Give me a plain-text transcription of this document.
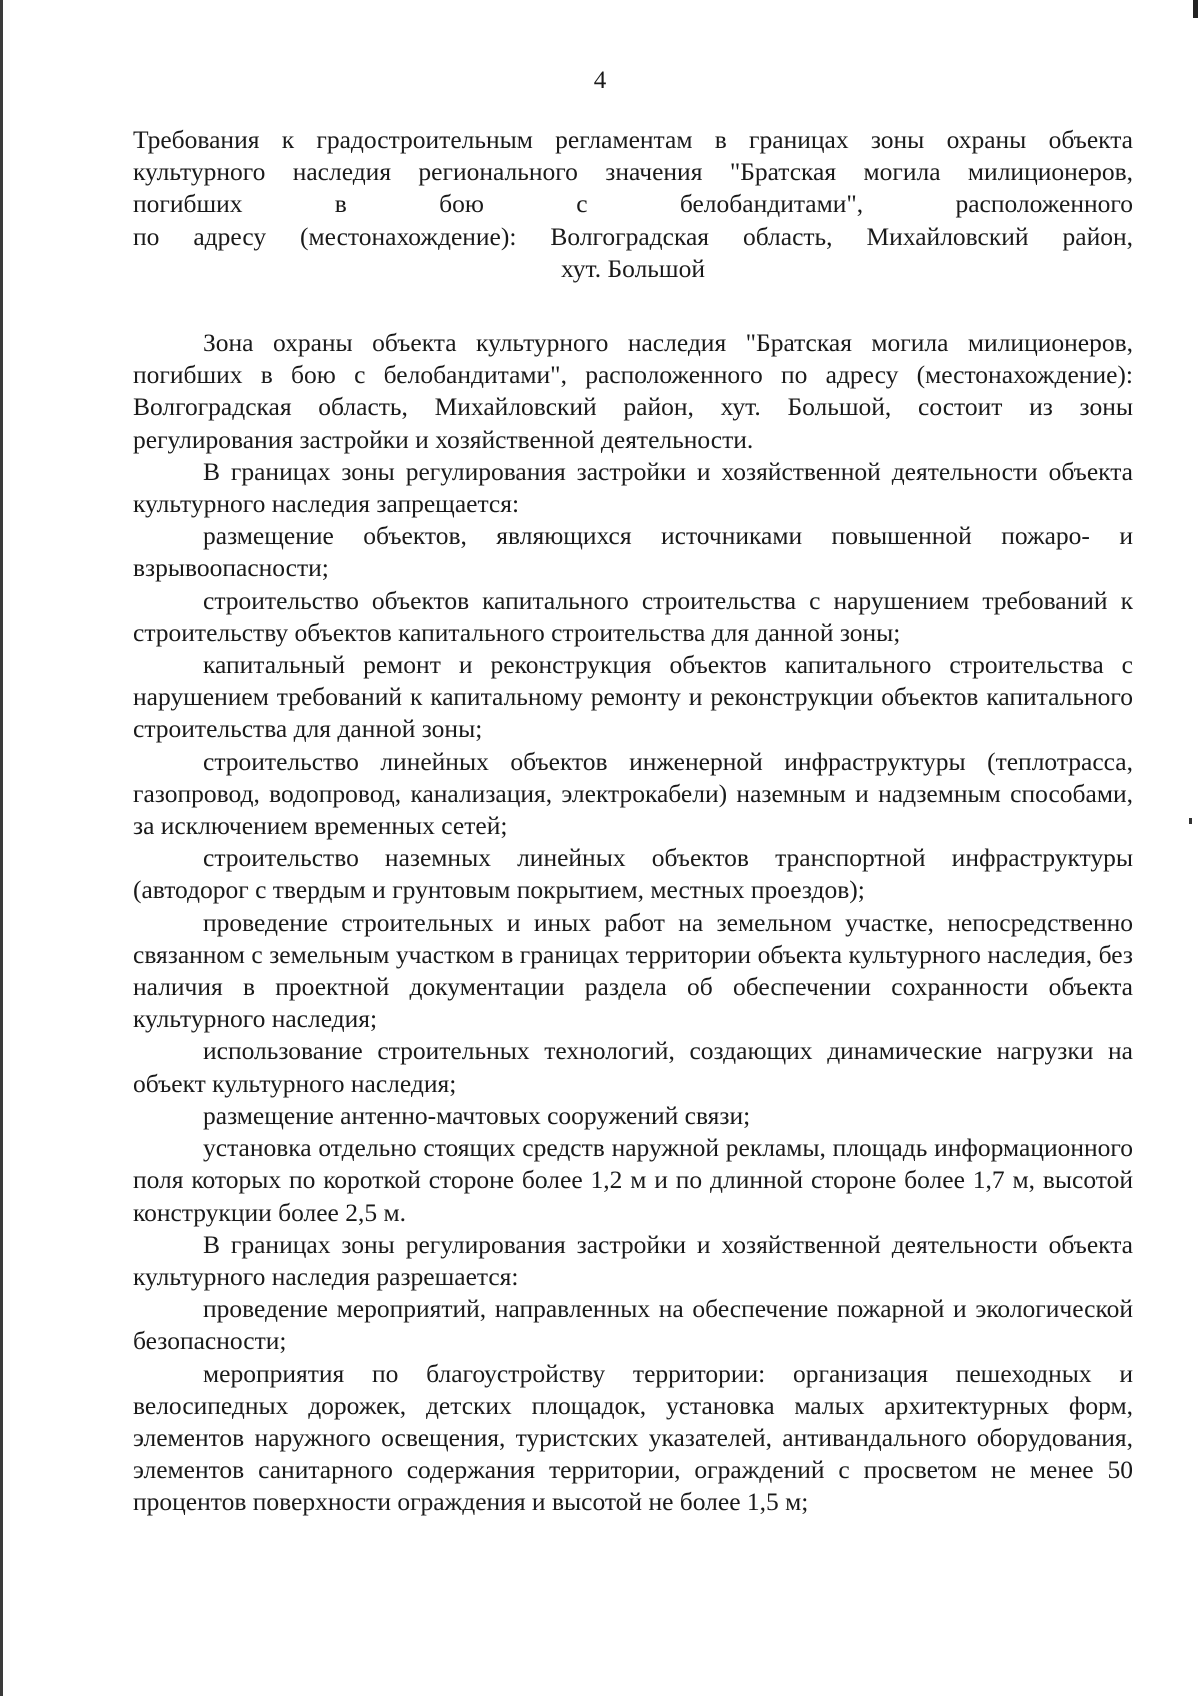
4
Требования к градостроительным регламентам в границах зоны охраны объекта
культурного наследия регионального значения "Братская могила милиционеров,
погибших в бою с белобандитами", расположенного
по адресу (местонахождение): Волгоградская область, Михайловский район,
хут. Большой

Зона охраны объекта культурного наследия "Братская могила милиционеров, погибших в бою с белобандитами", расположенного по адресу (местонахождение): Волгоградская область, Михайловский район, хут. Большой, состоит из зоны регулирования застройки и хозяйственной деятельности.

В границах зоны регулирования застройки и хозяйственной деятельности объекта культурного наследия запрещается:

размещение объектов, являющихся источниками повышенной пожаро- и взрывоопасности;

строительство объектов капитального строительства с нарушением требований к строительству объектов капитального строительства для данной зоны;

капитальный ремонт и реконструкция объектов капитального строительства с нарушением требований к капитальному ремонту и реконструкции объектов капитального строительства для данной зоны;

строительство линейных объектов инженерной инфраструктуры (теплотрасса, газопровод, водопровод, канализация, электрокабели) наземным и надземным способами, за исключением временных сетей;

строительство наземных линейных объектов транспортной инфраструктуры (автодорог с твердым и грунтовым покрытием, местных проездов);

проведение строительных и иных работ на земельном участке, непосредственно связанном с земельным участком в границах территории объекта культурного наследия, без наличия в проектной документации раздела об обеспечении сохранности объекта культурного наследия;

использование строительных технологий, создающих динамические нагрузки на объект культурного наследия;

размещение антенно-мачтовых сооружений связи;

установка отдельно стоящих средств наружной рекламы, площадь информационного поля которых по короткой стороне более 1,2 м и по длинной стороне более 1,7 м, высотой конструкции более 2,5 м.

В границах зоны регулирования застройки и хозяйственной деятельности объекта культурного наследия разрешается:

проведение мероприятий, направленных на обеспечение пожарной и экологической безопасности;

мероприятия по благоустройству территории: организация пешеходных и велосипедных дорожек, детских площадок, установка малых архитектурных форм, элементов наружного освещения, туристских указателей, антивандального оборудования, элементов санитарного содержания территории, ограждений с просветом не менее 50 процентов поверхности ограждения и высотой не более 1,5 м;
